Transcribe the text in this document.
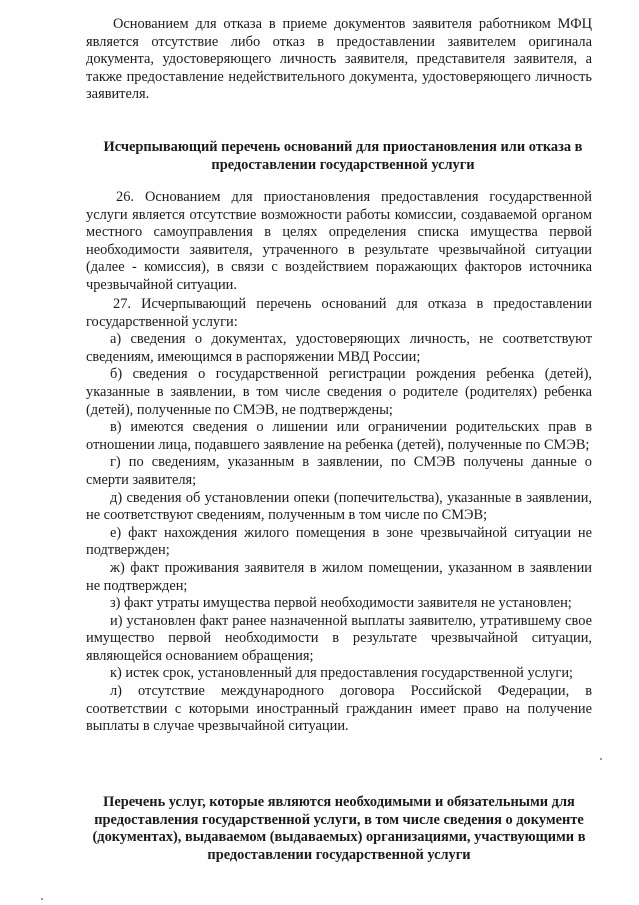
Основанием для отказа в приеме документов заявителя работником МФЦ является отсутствие либо отказ в предоставлении заявителем оригинала документа, удостоверяющего личность заявителя, представителя заявителя, а также предоставление недействительного документа, удостоверяющего личность заявителя.

Исчерпывающий перечень оснований для приостановления или отказа в предоставлении государственной услуги

26. Основанием для приостановления предоставления государственной услуги является отсутствие возможности работы комиссии, создаваемой органом местного самоуправления в целях определения списка имущества первой необходимости заявителя, утраченного в результате чрезвычайной ситуации (далее - комиссия), в связи с воздействием поражающих факторов источника чрезвычайной ситуации.

27. Исчерпывающий перечень оснований для отказа в предоставлении государственной услуги:

а) сведения о документах, удостоверяющих личность, не соответствуют сведениям, имеющимся в распоряжении МВД России;

б) сведения о государственной регистрации рождения ребенка (детей), указанные в заявлении, в том числе сведения о родителе (родителях) ребенка (детей), полученные по СМЭВ, не подтверждены;

в) имеются сведения о лишении или ограничении родительских прав в отношении лица, подавшего заявление на ребенка (детей), полученные по СМЭВ;

г) по сведениям, указанным в заявлении, по СМЭВ получены данные о смерти заявителя;

д) сведения об установлении опеки (попечительства), указанные в заявлении, не соответствуют сведениям, полученным в том числе по СМЭВ;

е) факт нахождения жилого помещения в зоне чрезвычайной ситуации не подтвержден;

ж) факт проживания заявителя в жилом помещении, указанном в заявлении не подтвержден;

з) факт утраты имущества первой необходимости заявителя не установлен;

и) установлен факт ранее назначенной выплаты заявителю, утратившему свое имущество первой необходимости в результате чрезвычайной ситуации, являющейся основанием обращения;

к) истек срок, установленный для предоставления государственной услуги;

л) отсутствие международного договора Российской Федерации, в соответствии с которыми иностранный гражданин имеет право на получение выплаты в случае чрезвычайной ситуации.

Перечень услуг, которые являются необходимыми и обязательными для предоставления государственной услуги, в том числе сведения о документе (документах), выдаваемом (выдаваемых) организациями, участвующими в предоставлении государственной услуги
